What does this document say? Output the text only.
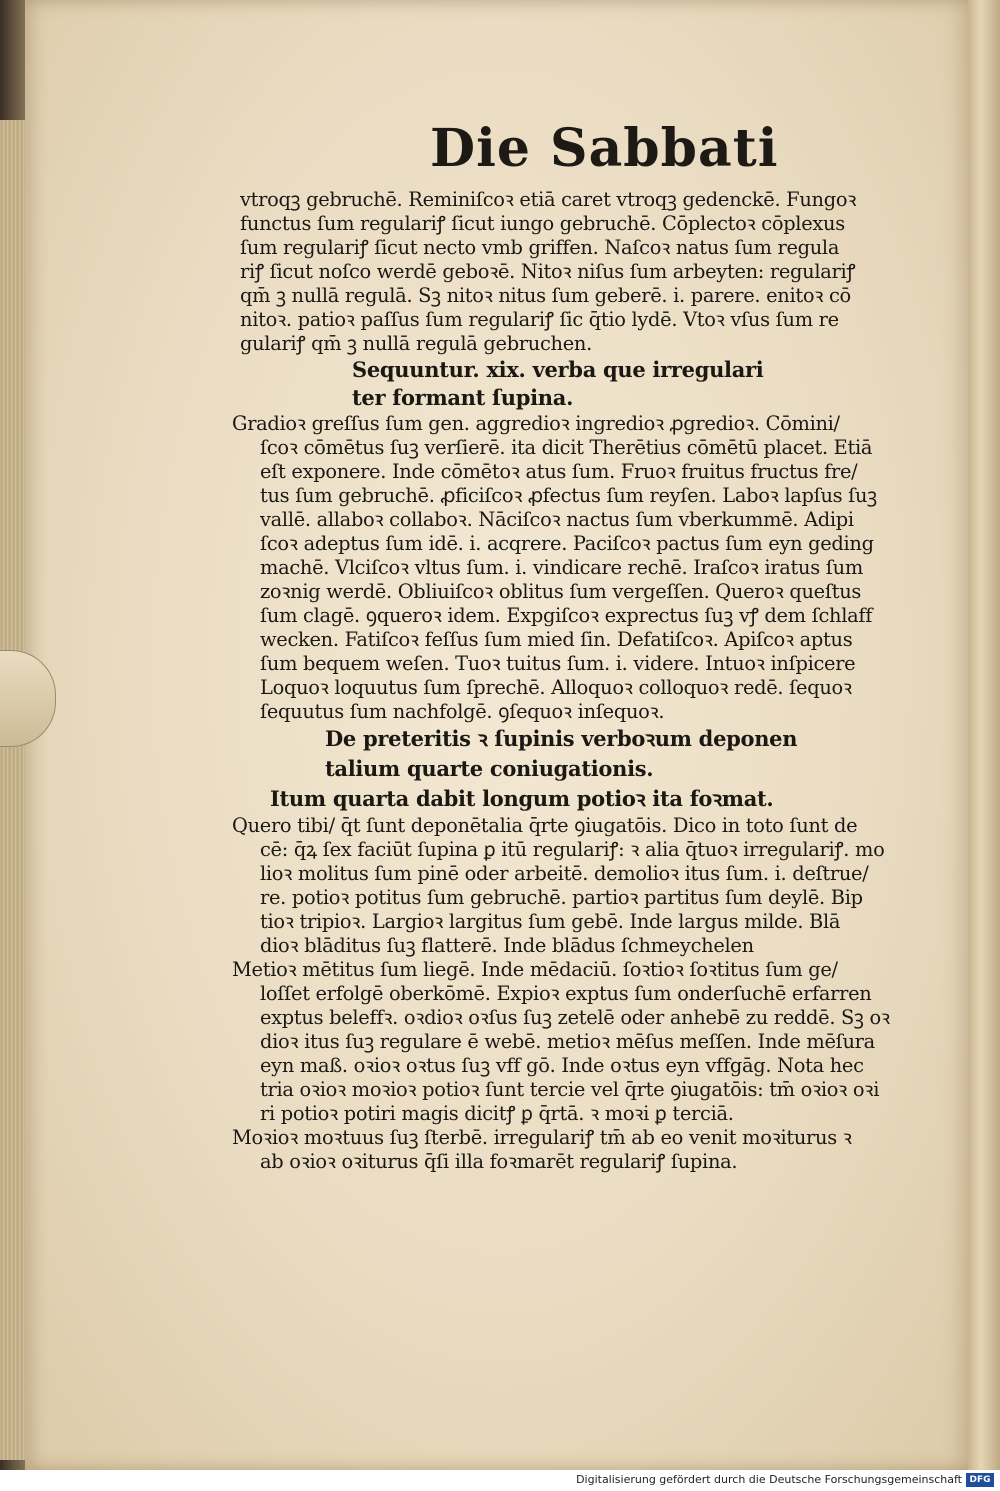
Die Sabbati
vtroqꝫ gebruchē. Reminiſcoꝛ etiā caret vtroqꝫ gedenckē. Fungoꝛ
functus ſum regulariꝭ ſicut iungo gebruchē. Cōplectoꝛ cōplexus
ſum regulariꝭ ſicut necto vmb griffen. Naſcoꝛ natus ſum regula
riꝭ ſicut noſco werdē geboꝛē. Nitoꝛ niſus ſum arbeyten: regulariꝭ
qm̄ ꝫ nullā regulā. Sꝫ nitoꝛ nitus ſum geberē. i. parere. enitoꝛ cō
nitoꝛ. patioꝛ paſſus ſum regulariꝭ ſic q̄tio lydē. Vtoꝛ vſus ſum re
gulariꝭ qm̄ ꝫ nullā regulā gebruchen.
Sequuntur. xix. verba que irregulari
ter formant ſupina.
Gradioꝛ greſſus ſum gen. aggredioꝛ ingredioꝛ ꝓgredioꝛ. Cōmini/
ſcoꝛ cōmētus ſuꝫ verſierē. ita dicit Therētius cōmētū placet. Etiā
eſt exponere. Inde cōmētoꝛ atus ſum. Fruoꝛ fruitus fructus fre/
tus ſum gebruchē. ꝓficiſcoꝛ ꝓfectus ſum reyſen. Laboꝛ lapſus ſuꝫ
vallē. allaboꝛ collaboꝛ. Nāciſcoꝛ nactus ſum vberkummē. Adipi
ſcoꝛ adeptus ſum idē. i. acqrere. Paciſcoꝛ pactus ſum eyn geding
machē. Vlciſcoꝛ vltus ſum. i. vindicare rechē. Iraſcoꝛ iratus ſum
zoꝛnig werdē. Obliuiſcoꝛ oblitus ſum vergeſſen. Queroꝛ queſtus
ſum clagē. ꝯqueroꝛ idem. Expgiſcoꝛ exprectus ſuꝫ vꝭ dem ſchlaff
wecken. Fatiſcoꝛ feſſus ſum mied ſin. Defatiſcoꝛ. Apiſcoꝛ aptus
ſum bequem weſen. Tuoꝛ tuitus ſum. i. videre. Intuoꝛ inſpicere
Loquoꝛ loquutus ſum ſprechē. Alloquoꝛ colloquoꝛ redē. ſequoꝛ
ſequutus ſum nachfolgē. ꝯſequoꝛ inſequoꝛ.
De preteritis ꝛ ſupinis verboꝛum deponen
talium quarte coniugationis.
Itum quarta dabit longum potioꝛ ita foꝛmat.
Quero tibi/ q̄t ſunt deponētalia q̄rte ꝯiugatōis. Dico in toto ſunt de
cē: q̄ꝝ ſex faciūt ſupina ꝑ itū regulariꝭ: ꝛ alia q̄tuoꝛ irregulariꝭ. mo
lioꝛ molitus ſum pinē oder arbeitē. demolioꝛ itus ſum. i. deſtrue/
re. potioꝛ potitus ſum gebruchē. partioꝛ partitus ſum deylē. Bip
tioꝛ tripioꝛ. Largioꝛ largitus ſum gebē. Inde largus milde. Blā
dioꝛ blāditus ſuꝫ flatterē. Inde blādus ſchmeychelen
Metioꝛ mētitus ſum liegē. Inde mēdaciū. ſoꝛtioꝛ ſoꝛtitus ſum ge/
loſſet erfolgē oberkōmē. Expioꝛ exptus ſum onderſuchē erfarren
exptus beleffꝛ. oꝛdioꝛ oꝛſus ſuꝫ zetelē oder anhebē zu reddē. Sꝫ oꝛ
dioꝛ itus ſuꝫ regulare ē webē. metioꝛ mēſus meſſen. Inde mēſura
eyn maß. oꝛioꝛ oꝛtus ſuꝫ vff gō. Inde oꝛtus eyn vffgāg. Nota hec
tria oꝛioꝛ moꝛioꝛ potioꝛ ſunt tercie vel q̄rte ꝯiugatōis: tm̄ oꝛioꝛ oꝛi
ri potioꝛ potiri magis dicitꝭ ꝑ q̄rtā. ꝛ moꝛi ꝑ terciā.
Moꝛioꝛ moꝛtuus ſuꝫ ſterbē. irregulariꝭ tm̄ ab eo venit moꝛiturus ꝛ
ab oꝛioꝛ oꝛiturus q̄ſi illa foꝛmarēt regulariꝭ ſupina.
Digitalisierung gefördert durch die Deutsche Forschungsgemeinschaft DFG
